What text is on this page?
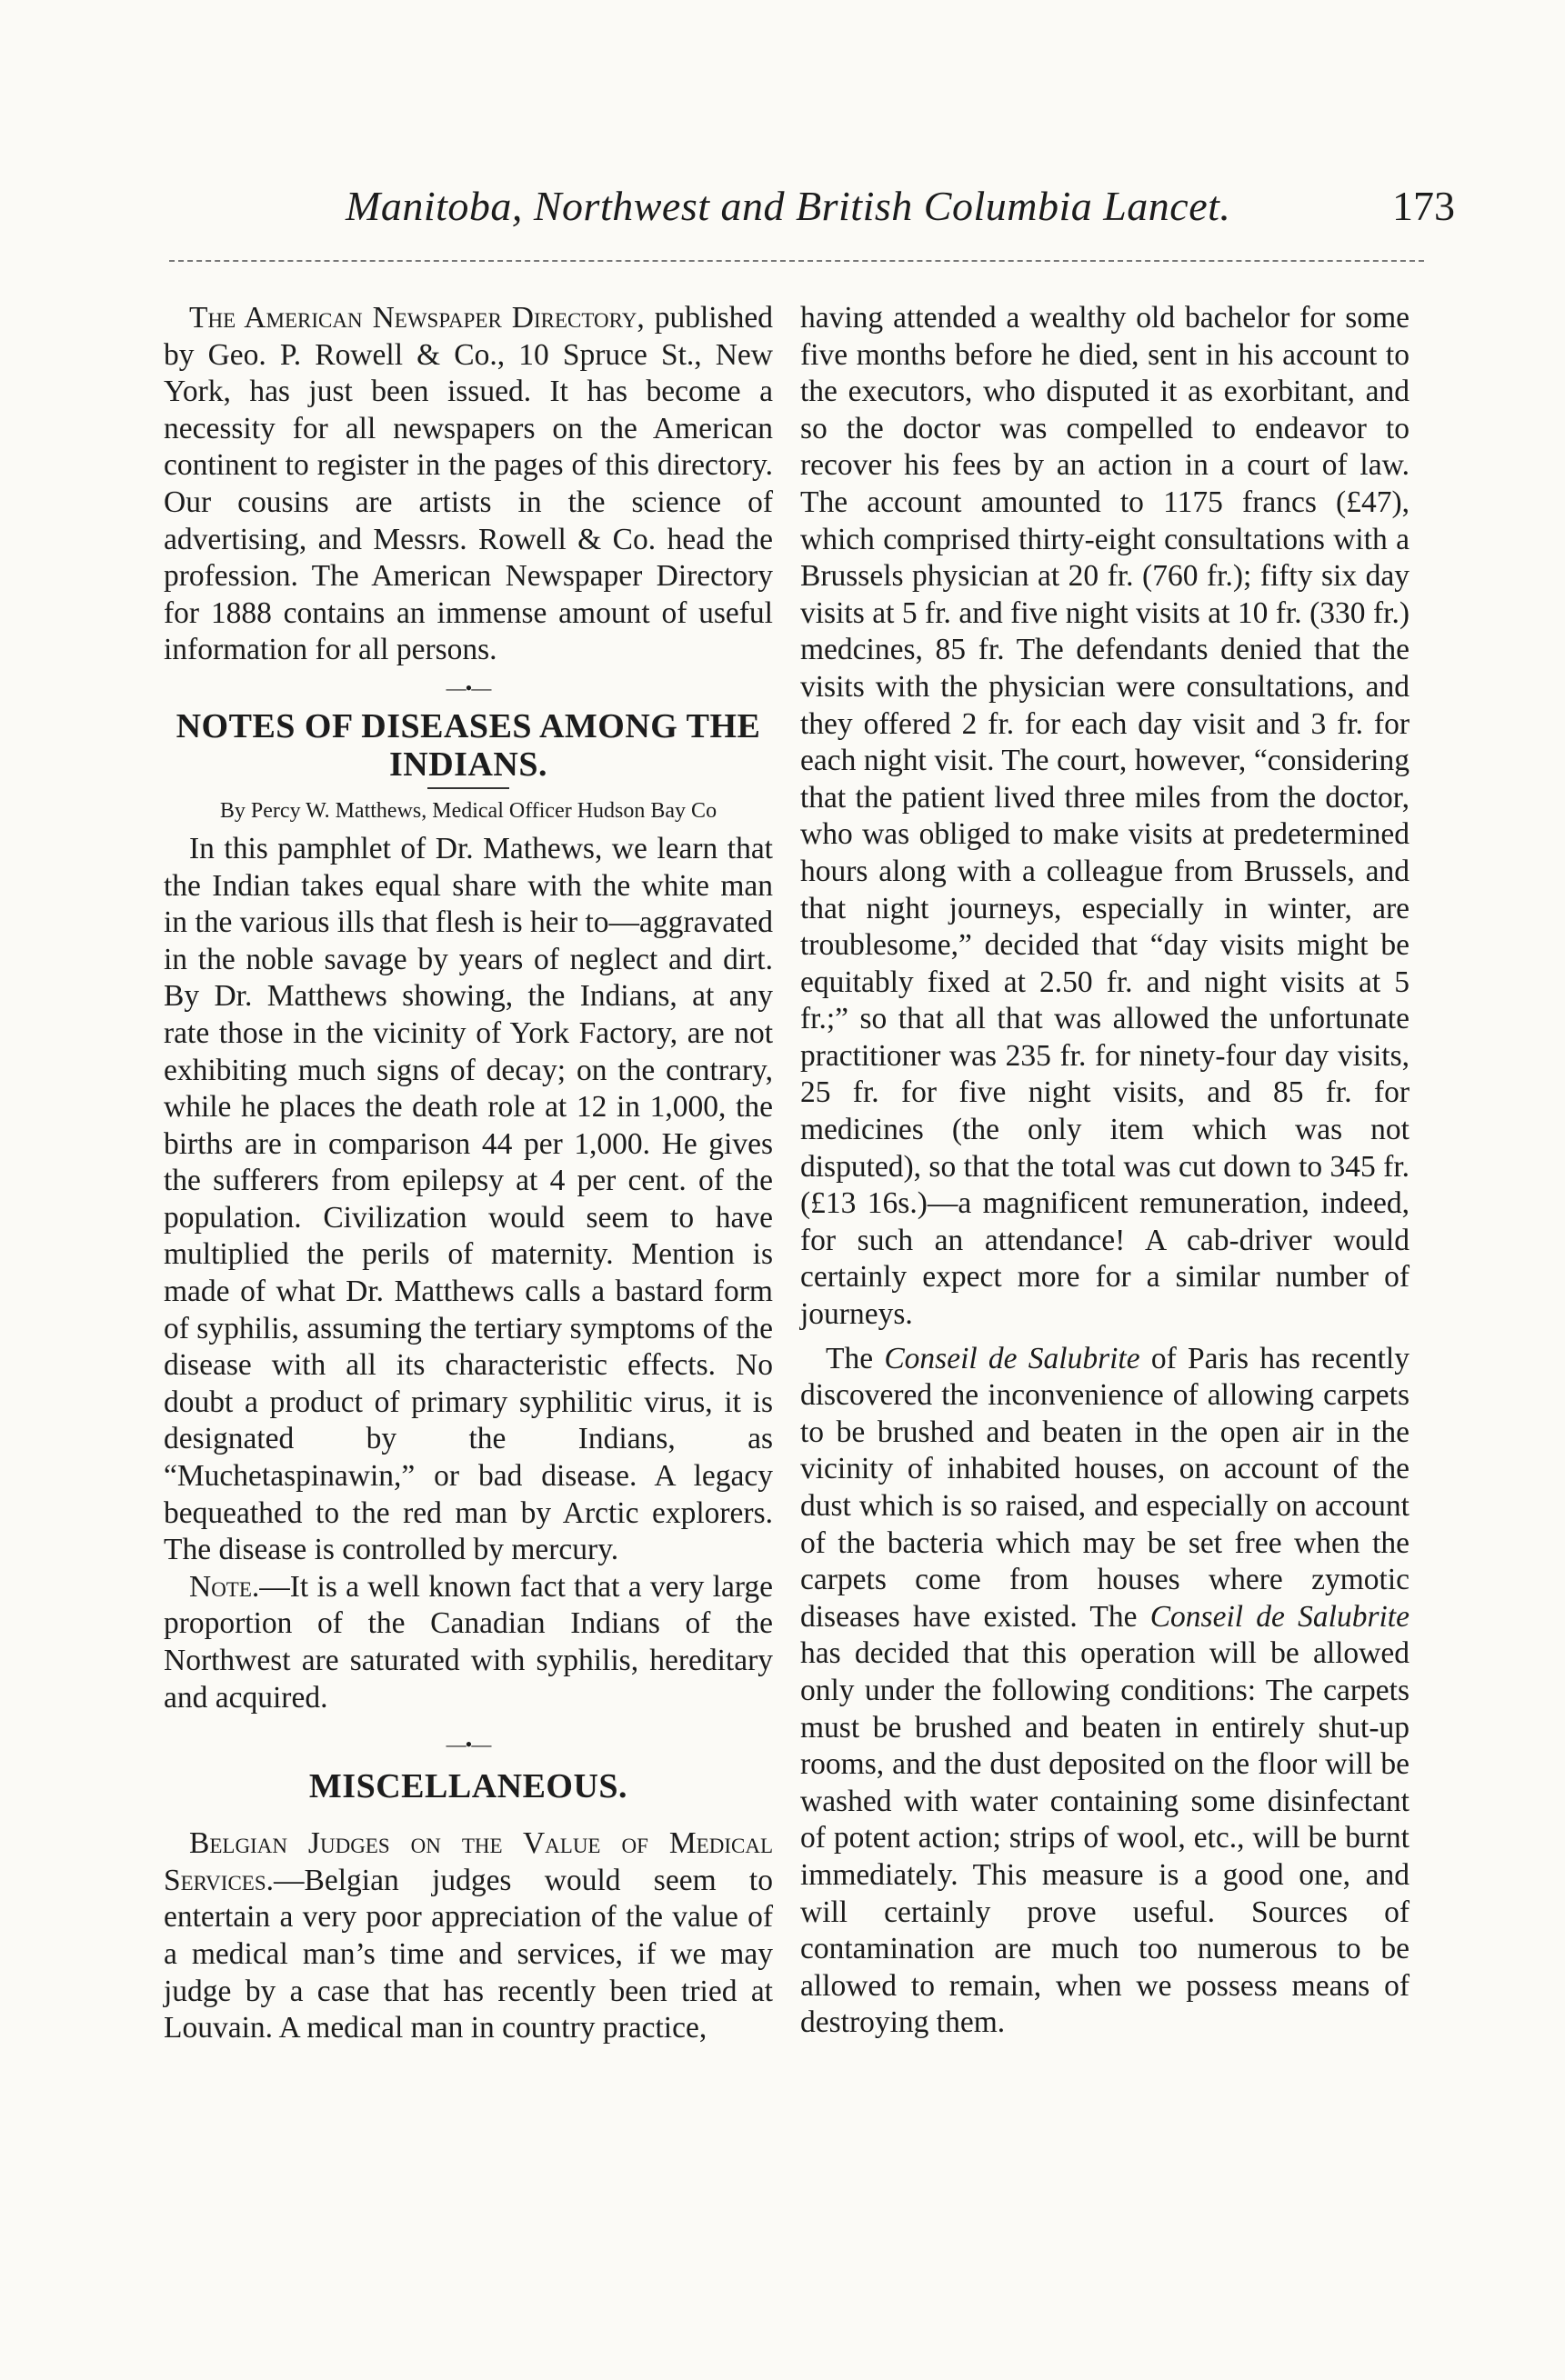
Manitoba, Northwest and British Columbia Lancet.	173

The American Newspaper Directory, published by Geo. P. Rowell & Co., 10 Spruce St., New York, has just been issued. It has become a necessity for all newspapers on the American continent to register in the pages of this directory. Our cousins are artists in the science of advertising, and Messrs. Rowell & Co. head the profession. The American Newspaper Directory for 1888 contains an immense amount of useful information for all persons.

—•—
NOTES OF DISEASES AMONG THE INDIANS.
By Percy W. Matthews, Medical Officer Hudson Bay Co

In this pamphlet of Dr. Mathews, we learn that the Indian takes equal share with the white man in the various ills that flesh is heir to—aggravated in the noble savage by years of neglect and dirt. By Dr. Matthews showing, the Indians, at any rate those in the vicinity of York Factory, are not exhibiting much signs of decay; on the contrary, while he places the death role at 12 in 1,000, the births are in comparison 44 per 1,000. He gives the sufferers from epilepsy at 4 per cent. of the population. Civilization would seem to have multiplied the perils of maternity. Mention is made of what Dr. Matthews calls a bastard form of syphilis, assuming the tertiary symptoms of the disease with all its characteristic effects. No doubt a product of primary syphilitic virus, it is designated by the Indians, as “Muchetaspinawin,” or bad disease. A legacy bequeathed to the red man by Arctic explorers. The disease is controlled by mercury.

Note.—It is a well known fact that a very large proportion of the Canadian Indians of the Northwest are saturated with syphilis, hereditary and acquired.

—•—
MISCELLANEOUS.

Belgian Judges on the Value of Medical Services.—Belgian judges would seem to entertain a very poor appreciation of the value of a medical man’s time and services, if we may judge by a case that has recently been tried at Louvain. A medical man in country practice,

having attended a wealthy old bachelor for some five months before he died, sent in his account to the executors, who disputed it as exorbitant, and so the doctor was compelled to endeavor to recover his fees by an action in a court of law. The account amounted to 1175 francs (£47), which comprised thirty-eight consultations with a Brussels physician at 20 fr. (760 fr.); fifty six day visits at 5 fr. and five night visits at 10 fr. (330 fr.) medcines, 85 fr. The defendants denied that the visits with the physician were consultations, and they offered 2 fr. for each day visit and 3 fr. for each night visit. The court, however, “considering that the patient lived three miles from the doctor, who was obliged to make visits at predetermined hours along with a colleague from Brussels, and that night journeys, especially in winter, are troublesome,” decided that “day visits might be equitably fixed at 2.50 fr. and night visits at 5 fr.;” so that all that was allowed the unfortunate practitioner was 235 fr. for ninety-four day visits, 25 fr. for five night visits, and 85 fr. for medicines (the only item which was not disputed), so that the total was cut down to 345 fr. (£13 16s.)—a magnificent remuneration, indeed, for such an attendance! A cab-driver would certainly expect more for a similar number of journeys.

The Conseil de Salubrite of Paris has recently discovered the inconvenience of allowing carpets to be brushed and beaten in the open air in the vicinity of inhabited houses, on account of the dust which is so raised, and especially on account of the bacteria which may be set free when the carpets come from houses where zymotic diseases have existed. The Conseil de Salubrite has decided that this operation will be allowed only under the following conditions: The carpets must be brushed and beaten in entirely shut-up rooms, and the dust deposited on the floor will be washed with water containing some disinfectant of potent action; strips of wool, etc., will be burnt immediately. This measure is a good one, and will certainly prove useful. Sources of contamination are much too numerous to be allowed to remain, when we possess means of destroying them.
